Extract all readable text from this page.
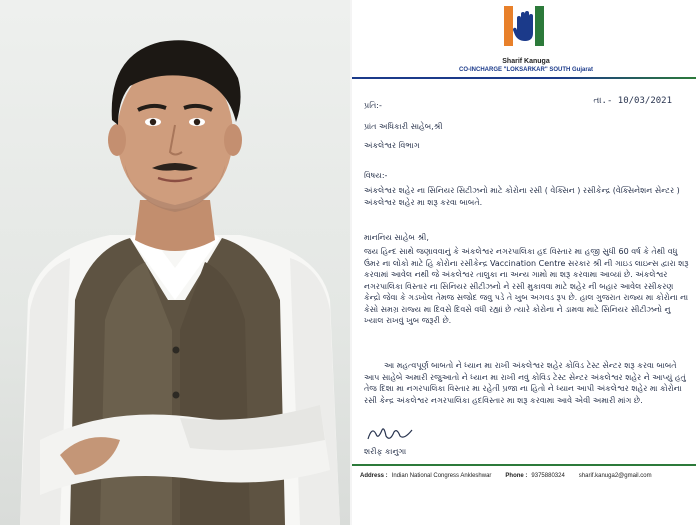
Sharif Kanuga
CO-INCHARGE "LOKSARKAR" SOUTH Gujarat
તા.- 10/03/2021
પ્રતિ:-
પ્રાંત અધિકારી સાહેબ,શ્રી
અંકલેશ્વર વિભાગ
વિષય:-
અંકલેશ્વર શહેર ના સિનિયર સિટીઝનો માટે કોરોના રસી ( વેક્સિન ) રસીકેન્દ્ર (વેક્સિનેશન સેન્ટર ) અંકલેશ્વર શહેર મા શરૂ કરવા બાબતે.
માનનિય સાહેબ શ્રી,
જય હિન્દ સાથે જણાવવાનું કે અંકલેશ્વર નગરપાલિકા હદ વિસ્તાર મા હજી સુધી 60 વર્ષ કે તેથી વધુ ઉંમર ના લોકો માટે હિ કોરોના રસીકેન્દ્ર Vaccination Centre સરકાર શ્રી ની ગાઇડ લાઇન્સ દ્વારા શરૂ કરવામાં આવેલ નથી જે અંકલેશ્વર તાલુકા ના અન્ય ગામો મા શરૂ કરવામા આવ્યાં છે. અંકલેશ્વર નગરપાલિકા વિસ્તાર ના સિનિયર સીટીઝનો ને રસી મુકાવવા માટે શહેર ની બહાર આવેલ રસીકરણ કેન્દ્રો જેવા કે ગડખોલ તેમજ સજોદ જવુ પડે તે ખુબ અગવડ રૂપ છે. હાલ ગુજરાત રાજ્ય મા કોરોના ના કેસો સમગ્ર રાજ્ય મા દિવસે દિવસે વધી રહ્યાં છે ત્યારે કોરોના ને ડામવા માટે સિનિયર સીટીઝનો નુ ખ્યાલ રાખવું ખુબ જરૂરી છે.
આ મહત્વપૂર્ણ બાબતો ને ધ્યાન મા રાખી અંકલેશ્વર શહેર કોવિડ ટેસ્ટ સેન્ટર શરૂ કરવા બાબતે આપ સાહેબે અમારી રજુઆતો ને ધ્યાન મા રાખી નવું કોવિડ ટેસ્ટ સેન્ટર અંકલેશ્વર શહેર ને આપ્યું હતું તેજ દિશા મા નગરપાલિકા વિસ્તાર મા રહેતી પ્રજા ના હિતો ને ધ્યાન આપી અંકલેશ્વર શહેર મા કોરોના રસી કેન્દ્ર અંકલેશ્વર નગરપાલિકા હદવિસ્તાર મા શરૂ કરવામા આવે એવી અમારી માંગ છે.
શરીફ કાનુગા
Address : Indian National Congress Ankleshwar Phone : 9375880324 sharif.kanuga2@gmail.com
